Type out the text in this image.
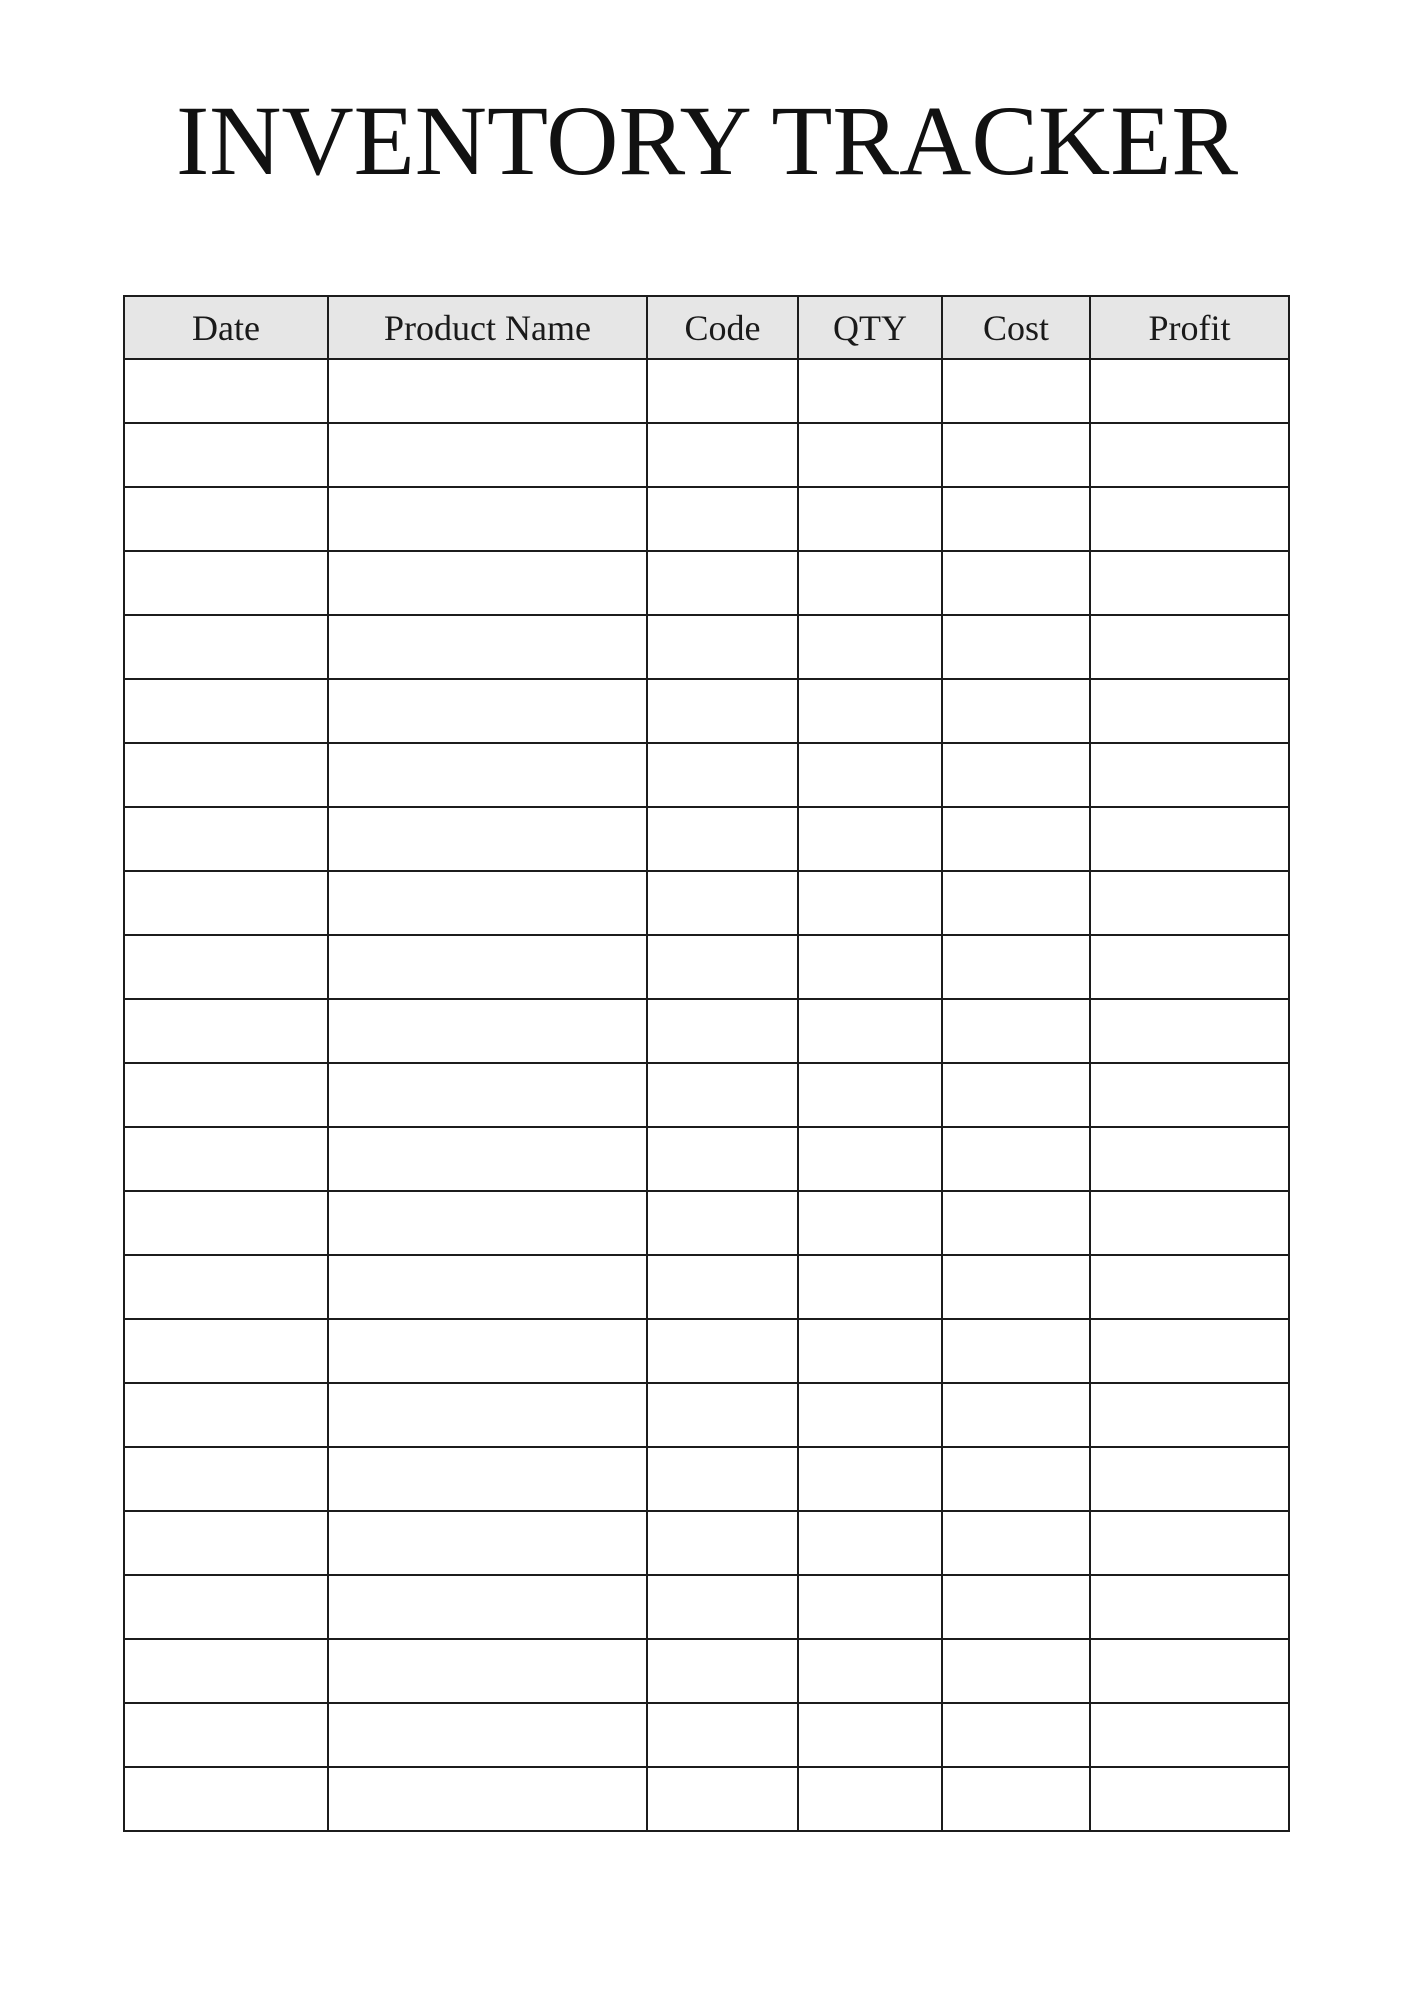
INVENTORY TRACKER
Date	Product Name	Code	QTY	Cost	Profit
